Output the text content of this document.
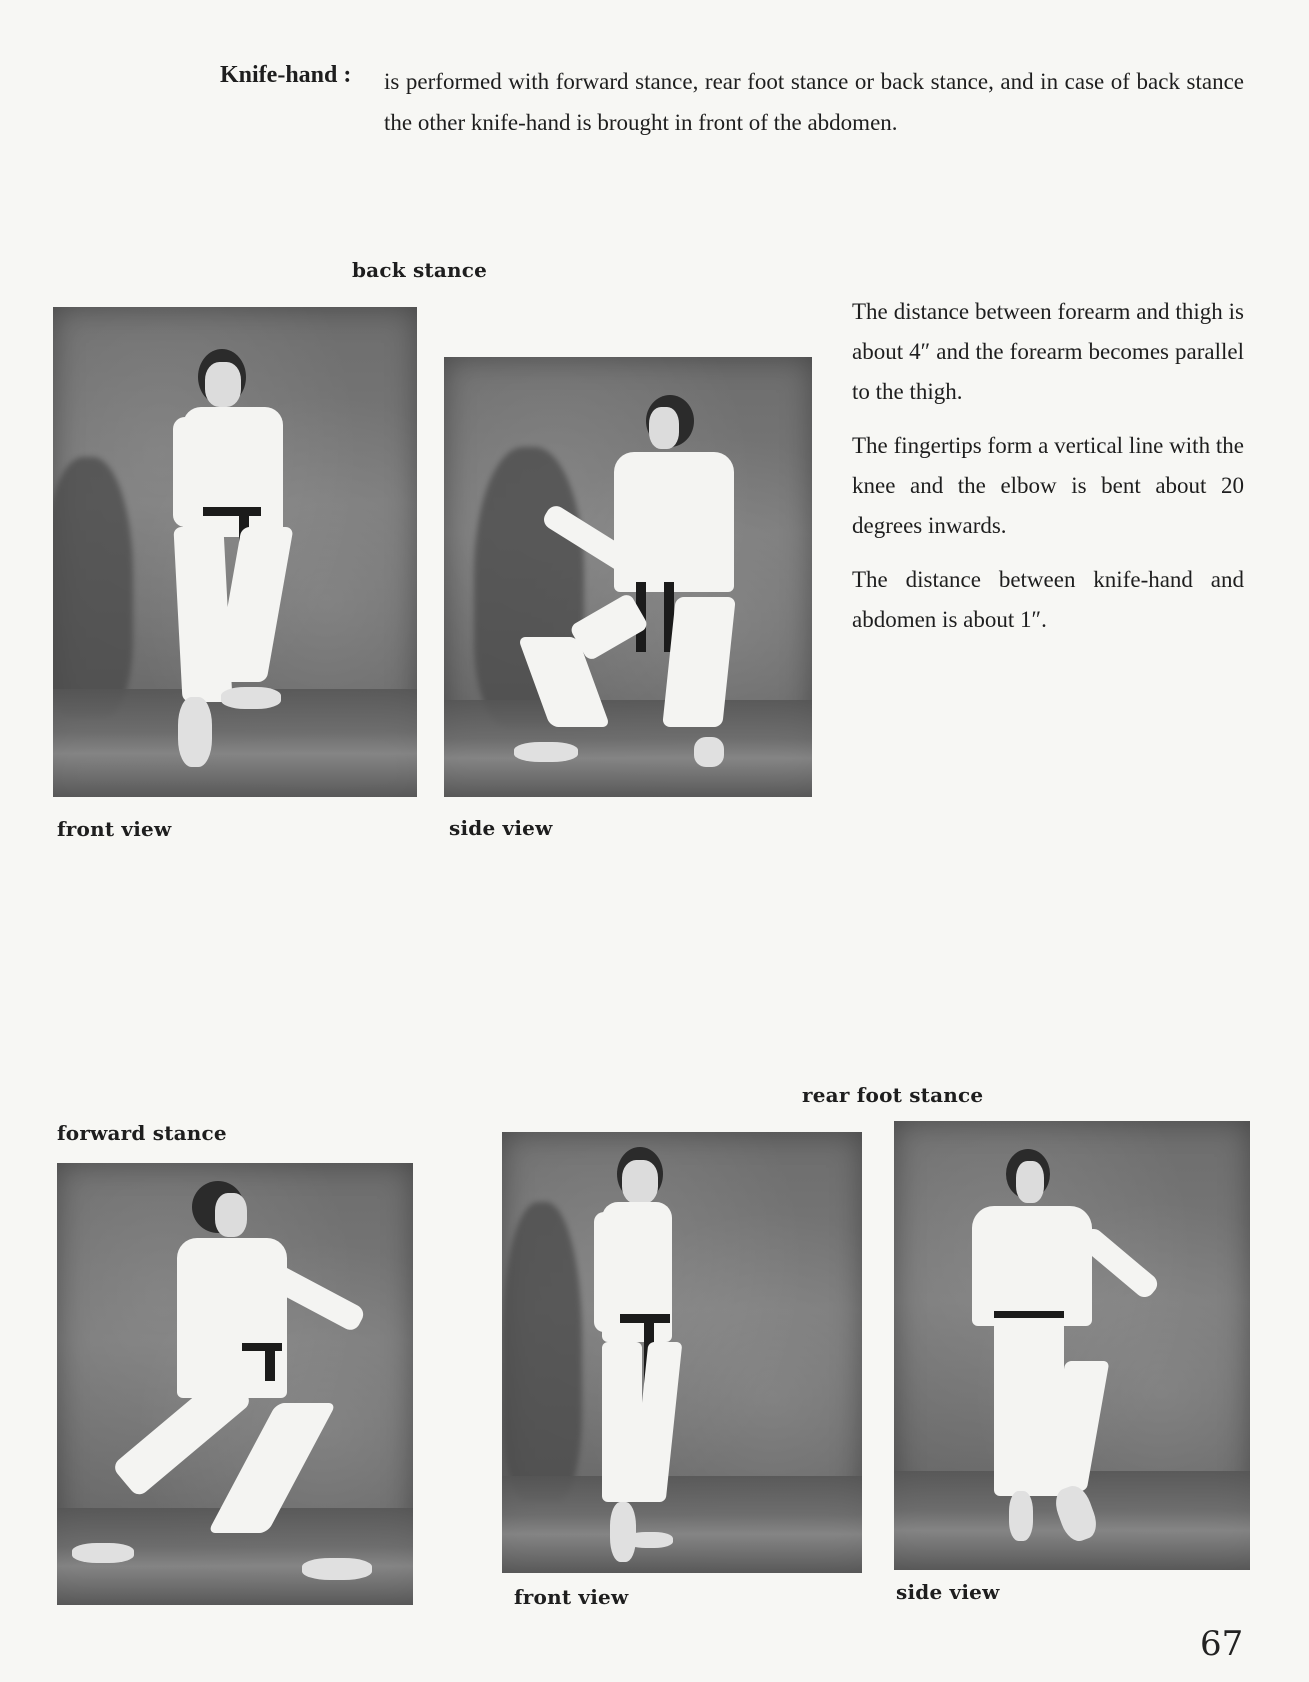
Knife-hand : is performed with forward stance, rear foot stance or back stance, and in case of back stance the other knife-hand is brought in front of the abdomen.

back stance

The distance between forearm and thigh is about 4″ and the forearm becomes parallel to the thigh.

The fingertips form a vertical line with the knee and the elbow is bent about 20 degrees inwards.

The distance between knife-hand and abdomen is about 1″.

front view	side view
forward stance
rear foot stance
front view	side view
67
